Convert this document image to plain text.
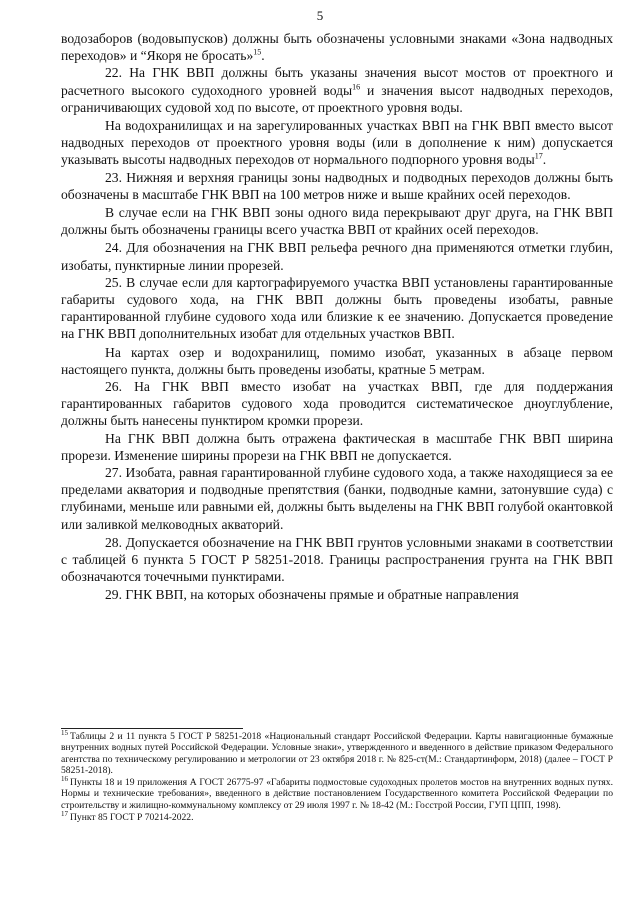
5

водозаборов (водовыпусков) должны быть обозначены условными знаками «Зона надводных переходов» и “Якоря не бросать»$^{15}$.

22. На ГНК ВВП должны быть указаны значения высот мостов от проектного и расчетного высокого судоходного уровней воды$^{16}$ и значения высот надводных переходов, ограничивающих судовой ход по высоте, от проектного уровня воды.

На водохранилищах и на зарегулированных участках ВВП на ГНК ВВП вместо высот надводных переходов от проектного уровня воды (или в дополнение к ним) допускается указывать высоты надводных переходов от нормального подпорного уровня воды$^{17}$.

23. Нижняя и верхняя границы зоны надводных и подводных переходов должны быть обозначены в масштабе ГНК ВВП на 100 метров ниже и выше крайних осей переходов.

В случае если на ГНК ВВП зоны одного вида перекрывают друг друга, на ГНК ВВП должны быть обозначены границы всего участка ВВП от крайних осей переходов.

24. Для обозначения на ГНК ВВП рельефа речного дна применяются отметки глубин, изобаты, пунктирные линии прорезей.

25. В случае если для картографируемого участка ВВП установлены гарантированные габариты судового хода, на ГНК ВВП должны быть проведены изобаты, равные гарантированной глубине судового хода или близкие к ее значению. Допускается проведение на ГНК ВВП дополнительных изобат для отдельных участков ВВП.

На картах озер и водохранилищ, помимо изобат, указанных в абзаце первом настоящего пункта, должны быть проведены изобаты, кратные 5 метрам.

26. На ГНК ВВП вместо изобат на участках ВВП, где для поддержания гарантированных габаритов судового хода проводится систематическое дноуглубление, должны быть нанесены пунктиром кромки прорези.

На ГНК ВВП должна быть отражена фактическая в масштабе ГНК ВВП ширина прорези. Изменение ширины прорези на ГНК ВВП не допускается.

27. Изобата, равная гарантированной глубине судового хода, а также находящиеся за ее пределами акватория и подводные препятствия (банки, подводные камни, затонувшие суда) с глубинами, меньше или равными ей, должны быть выделены на ГНК ВВП голубой окантовкой или заливкой мелководных акваторий.

28. Допускается обозначение на ГНК ВВП грунтов условными знаками в соответствии с таблицей 6 пункта 5 ГОСТ Р 58251-2018. Границы распространения грунта на ГНК ВВП обозначаются точечными пунктирами.

29. ГНК ВВП, на которых обозначены прямые и обратные направления

$^{15}$ Таблицы 2 и 11 пункта 5 ГОСТ Р 58251-2018 «Национальный стандарт Российской Федерации. Карты навигационные бумажные внутренних водных путей Российской Федерации. Условные знаки», утвержденного и введенного в действие приказом Федерального агентства по техническому регулированию и метрологии от 23 октября 2018 г. № 825-ст(М.: Стандартинформ, 2018) (далее – ГОСТ Р 58251-2018).

$^{16}$ Пункты 18 и 19 приложения А ГОСТ 26775-97 «Габариты подмостовые судоходных пролетов мостов на внутренних водных путях. Нормы и технические требования», введенного в действие постановлением Государственного комитета Российской Федерации по строительству и жилищно-коммунальному комплексу от 29 июля 1997 г. № 18-42 (М.: Госстрой России, ГУП ЦПП, 1998).

$^{17}$ Пункт 85 ГОСТ Р 70214-2022.
